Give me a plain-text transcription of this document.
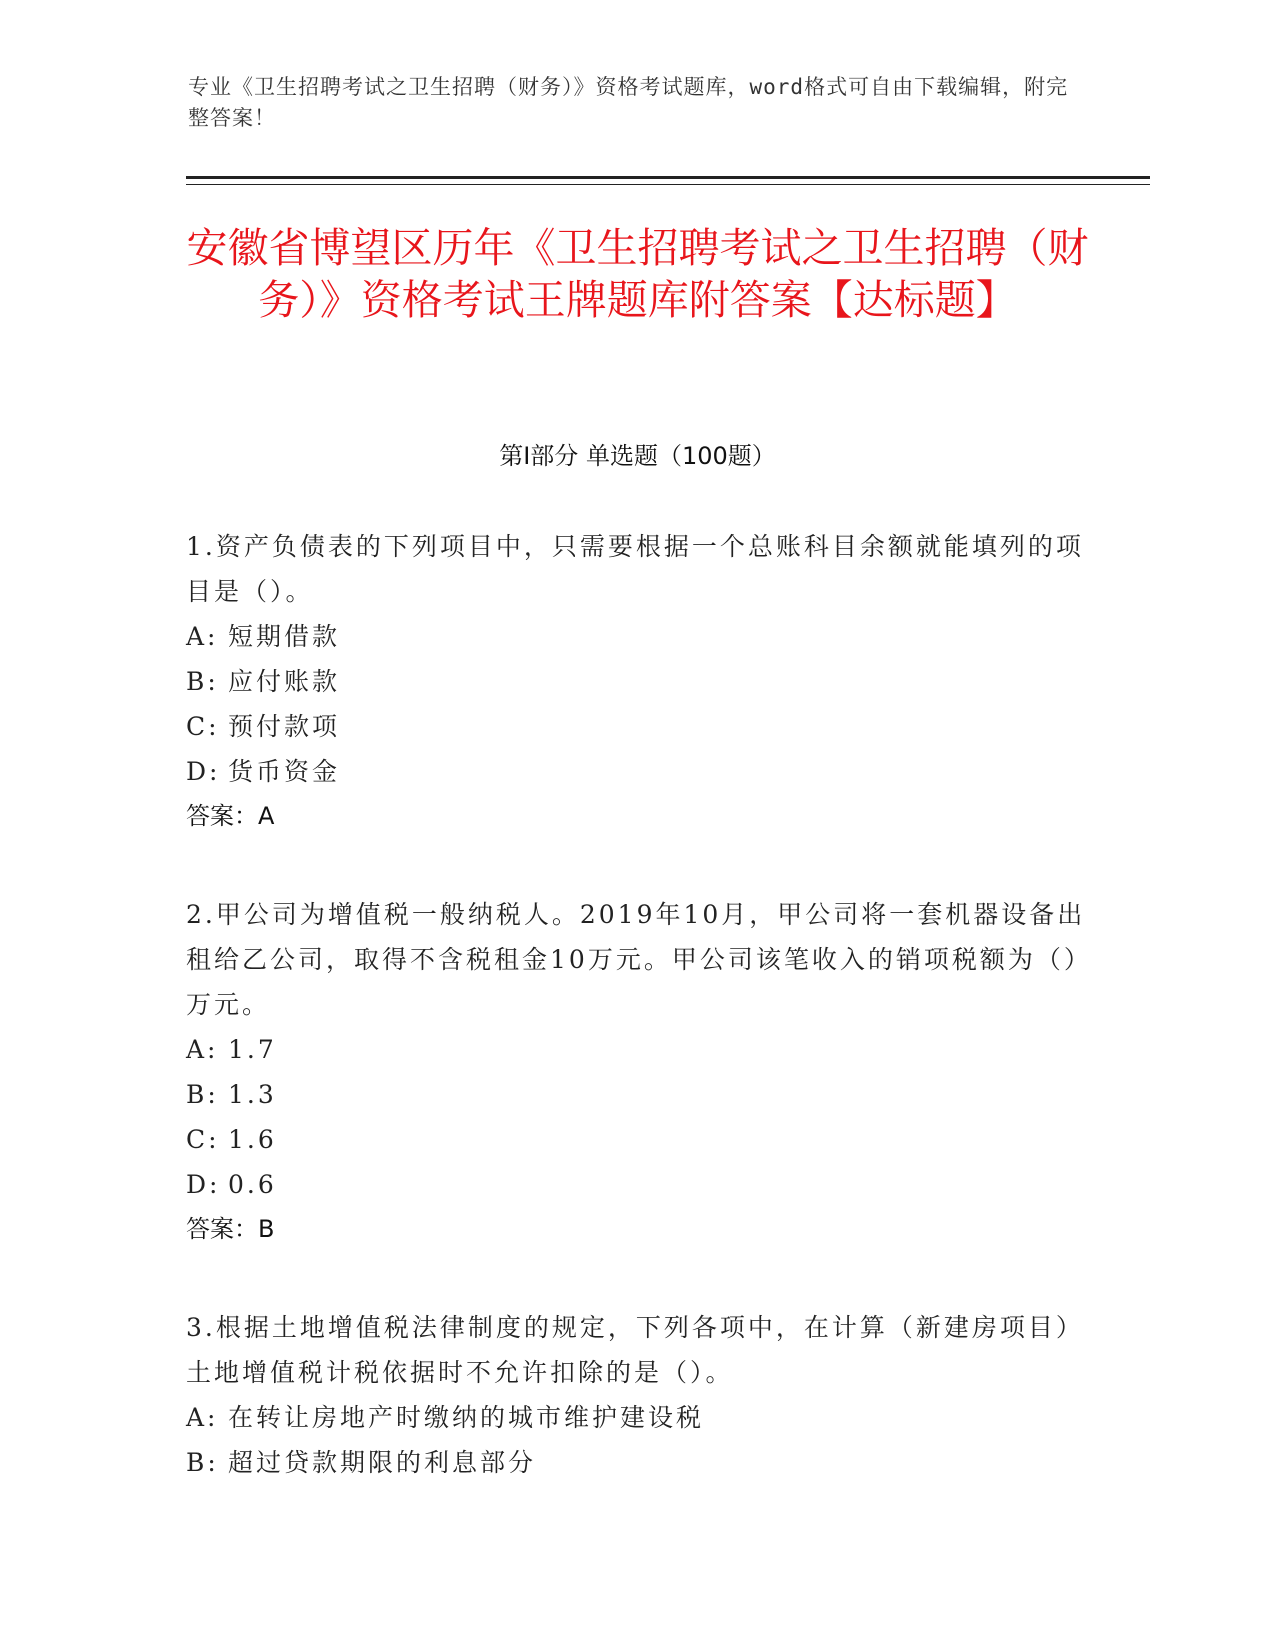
专业《卫生招聘考试之卫生招聘（财务）》资格考试题库，word格式可自由下载编辑，附完整答案！
安徽省博望区历年《卫生招聘考试之卫生招聘（财务）》资格考试王牌题库附答案【达标题】
第Ⅰ部分 单选题（100题）

1.资产负债表的下列项目中，只需要根据一个总账科目余额就能填列的项目是（）。

A: 短期借款

B: 应付账款

C: 预付款项

D: 货币资金

答案：A

2.甲公司为增值税一般纳税人。2019年10月，甲公司将一套机器设备出租给乙公司，取得不含税租金10万元。甲公司该笔收入的销项税额为（）万元。

A: 1.7

B: 1.3

C: 1.6

D: 0.6

答案：B

3.根据土地增值税法律制度的规定，下列各项中，在计算（新建房项目）土地增值税计税依据时不允许扣除的是（）。

A: 在转让房地产时缴纳的城市维护建设税

B: 超过贷款期限的利息部分
